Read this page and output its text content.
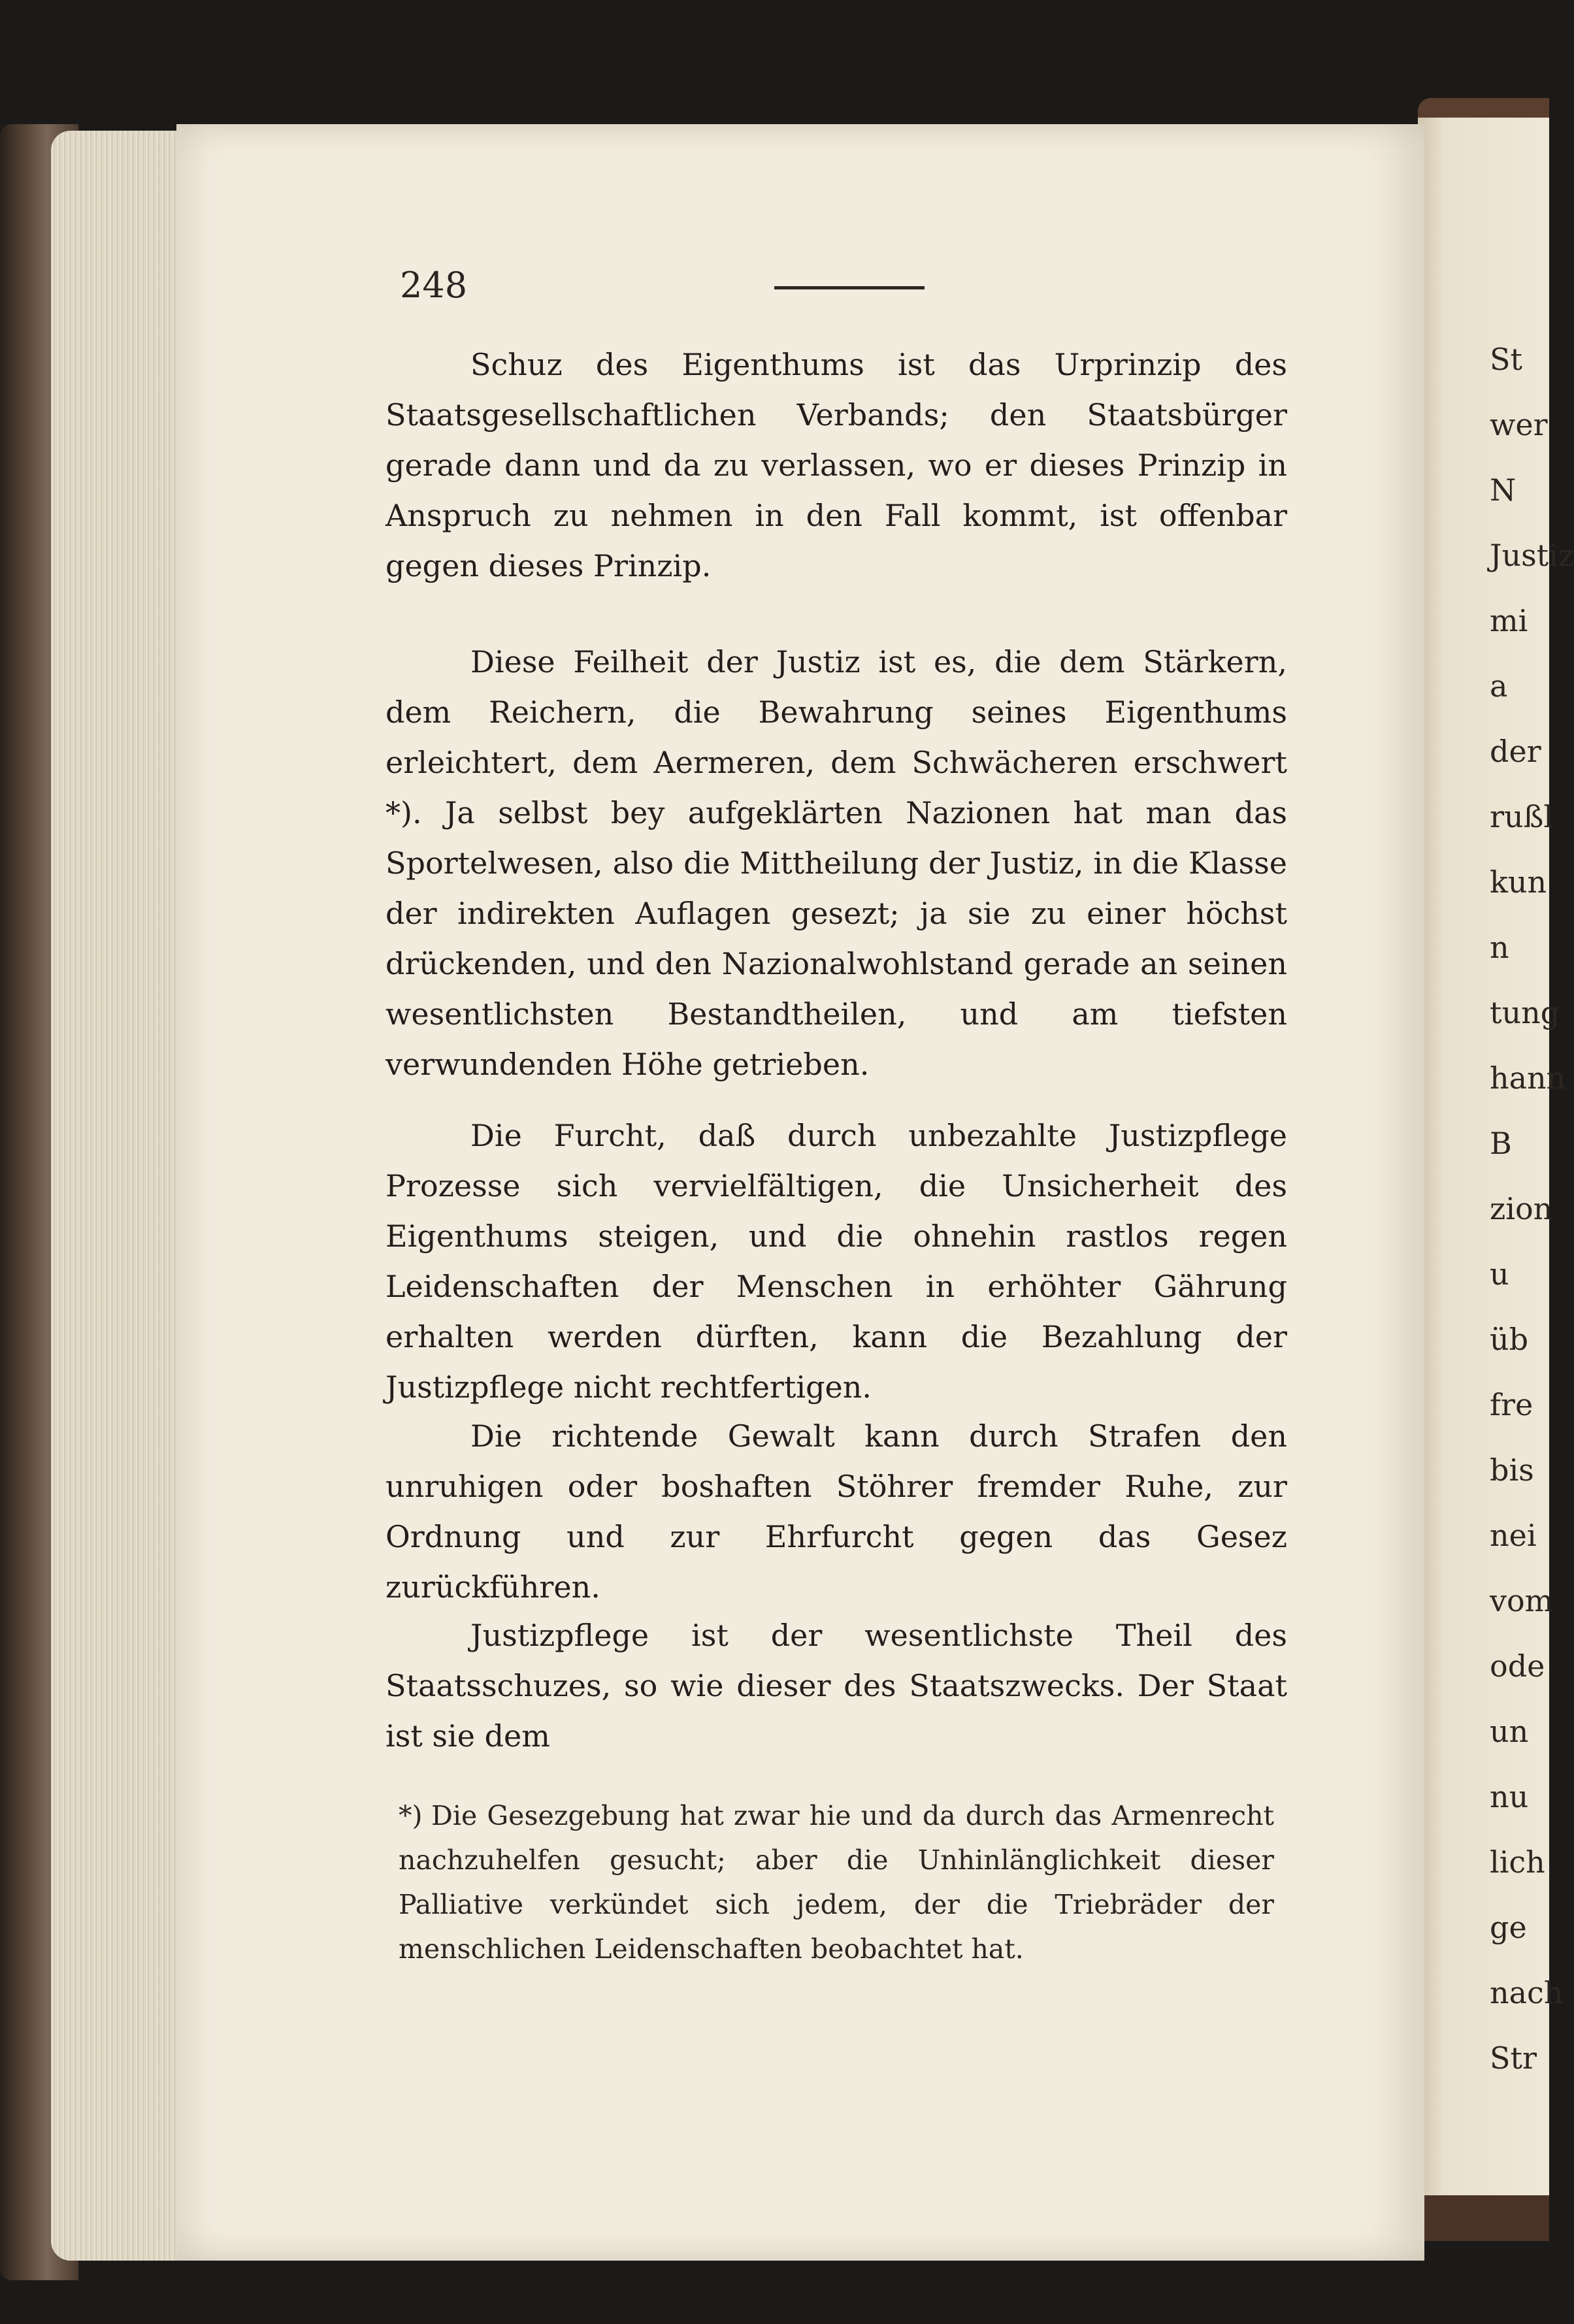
St
wer
N
Justiz
mi
a
der
rußl
kun
n
tung
hann
B
zion
u
üb
fre
bis
nei
vom
ode
un
nu
lich
ge
nach
Str
248
Schuz des Eigenthums ist das Urprinzip des Staatsgesellschaftlichen Verbands; den Staatsbürger gerade dann und da zu verlassen, wo er dieses Prinzip in Anspruch zu nehmen in den Fall kommt, ist offenbar gegen dieses Prinzip.
Diese Feilheit der Justiz ist es, die dem Stärkern, dem Reichern, die Bewahrung seines Eigenthums erleichtert, dem Aermeren, dem Schwächeren erschwert *). Ja selbst bey aufgeklärten Nazionen hat man das Sportelwesen, also die Mittheilung der Justiz, in die Klasse der indirekten Auflagen gesezt; ja sie zu einer höchst drückenden, und den Nazionalwohlstand gerade an seinen wesentlichsten Bestandtheilen, und am tiefsten verwundenden Höhe getrieben.
Die Furcht, daß durch unbezahlte Justizpflege Prozesse sich vervielfältigen, die Unsicherheit des Eigenthums steigen, und die ohnehin rastlos regen Leidenschaften der Menschen in erhöhter Gährung erhalten werden dürften, kann die Bezahlung der Justizpflege nicht rechtfertigen.
Die richtende Gewalt kann durch Strafen den unruhigen oder boshaften Stöhrer fremder Ruhe, zur Ordnung und zur Ehrfurcht gegen das Gesez zurückführen.
Justizpflege ist der wesentlichste Theil des Staatsschuzes, so wie dieser des Staatszwecks. Der Staat ist sie dem
*) Die Gesezgebung hat zwar hie und da durch das Armenrecht nachzuhelfen gesucht; aber die Unhinlänglichkeit dieser Palliative verkündet sich jedem, der die Triebräder der menschlichen Leidenschaften beobachtet hat.
